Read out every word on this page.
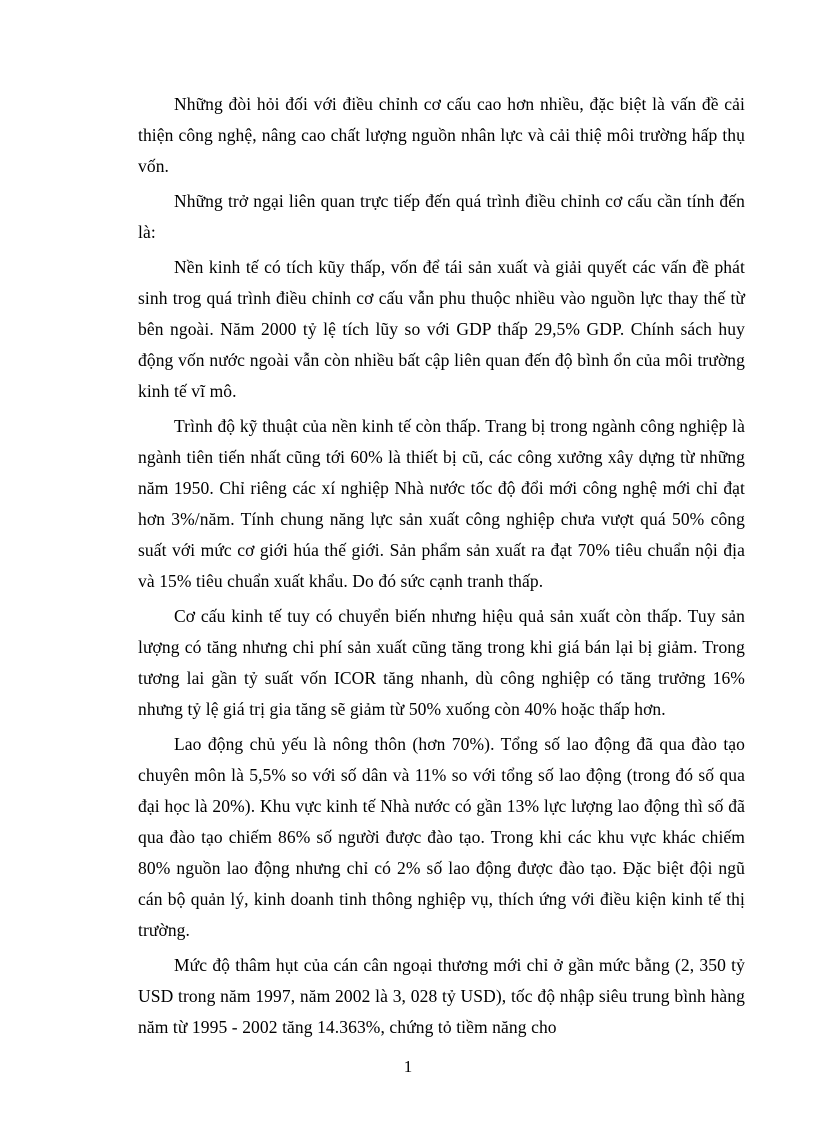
Những đòi hỏi đối với điều chỉnh cơ cấu cao hơn nhiều, đặc biệt là vấn đề cải thiện công nghệ, nâng cao chất lượng nguồn nhân lực và cải thiệ môi trường hấp thụ vốn.

Những trở ngại liên quan trực tiếp đến quá trình điều chỉnh cơ cấu cần tính đến là:

Nền kinh tế có tích kũy thấp, vốn để tái sản xuất và giải quyết các vấn đề phát sinh trog quá trình điều chỉnh cơ cấu vẫn phu thuộc nhiều vào nguồn lực thay thế từ bên ngoài. Năm 2000 tỷ lệ tích lũy so với GDP thấp 29,5% GDP. Chính sách huy động vốn nước ngoài vẫn còn nhiều bất cập liên quan đến độ bình ổn của môi trường kinh tế vĩ mô.

Trình độ kỹ thuật của nền kinh tế còn thấp. Trang bị trong ngành công nghiệp là ngành tiên tiến nhất cũng tới 60% là thiết bị cũ, các công xưởng xây dựng từ những năm 1950. Chỉ riêng các xí nghiệp Nhà nước tốc độ đổi mới công nghệ mới chỉ đạt hơn 3%/năm. Tính chung năng lực sản xuất công nghiệp chưa vượt quá 50% công suất với mức cơ giới húa thế giới. Sản phẩm sản xuất ra đạt 70% tiêu chuẩn nội địa và 15% tiêu chuẩn xuất khẩu. Do đó sức cạnh tranh thấp.

Cơ cấu kinh tế tuy có chuyển biến nhưng hiệu quả sản xuất còn thấp. Tuy sản lượng có tăng nhưng chi phí sản xuất cũng tăng trong khi giá bán lại bị giảm. Trong tương lai gần tỷ suất vốn ICOR tăng nhanh, dù công nghiệp có tăng trưởng 16% nhưng tỷ lệ giá trị gia tăng sẽ giảm từ 50% xuống còn 40% hoặc thấp hơn.

Lao động chủ yếu là nông thôn (hơn 70%). Tổng số lao động đã qua đào tạo chuyên môn là 5,5% so với số dân và 11% so với tổng số lao động (trong đó số qua đại học là 20%). Khu vực kinh tế Nhà nước có gần 13% lực lượng lao động thì số đã qua đào tạo chiếm 86% số người được đào tạo. Trong khi các khu vực khác chiếm 80% nguồn lao động nhưng chỉ có 2% số lao động được đào tạo. Đặc biệt đội ngũ cán bộ quản lý, kinh doanh tinh thông nghiệp vụ, thích ứng với điều kiện kinh tế thị trường.

Mức độ thâm hụt của cán cân ngoại thương mới chỉ ở gần mức bằng (2, 350 tỷ USD trong năm 1997, năm 2002 là 3, 028 tỷ USD), tốc độ nhập siêu trung bình hàng năm từ 1995 - 2002 tăng 14.363%, chứng tỏ tiềm năng cho

1
